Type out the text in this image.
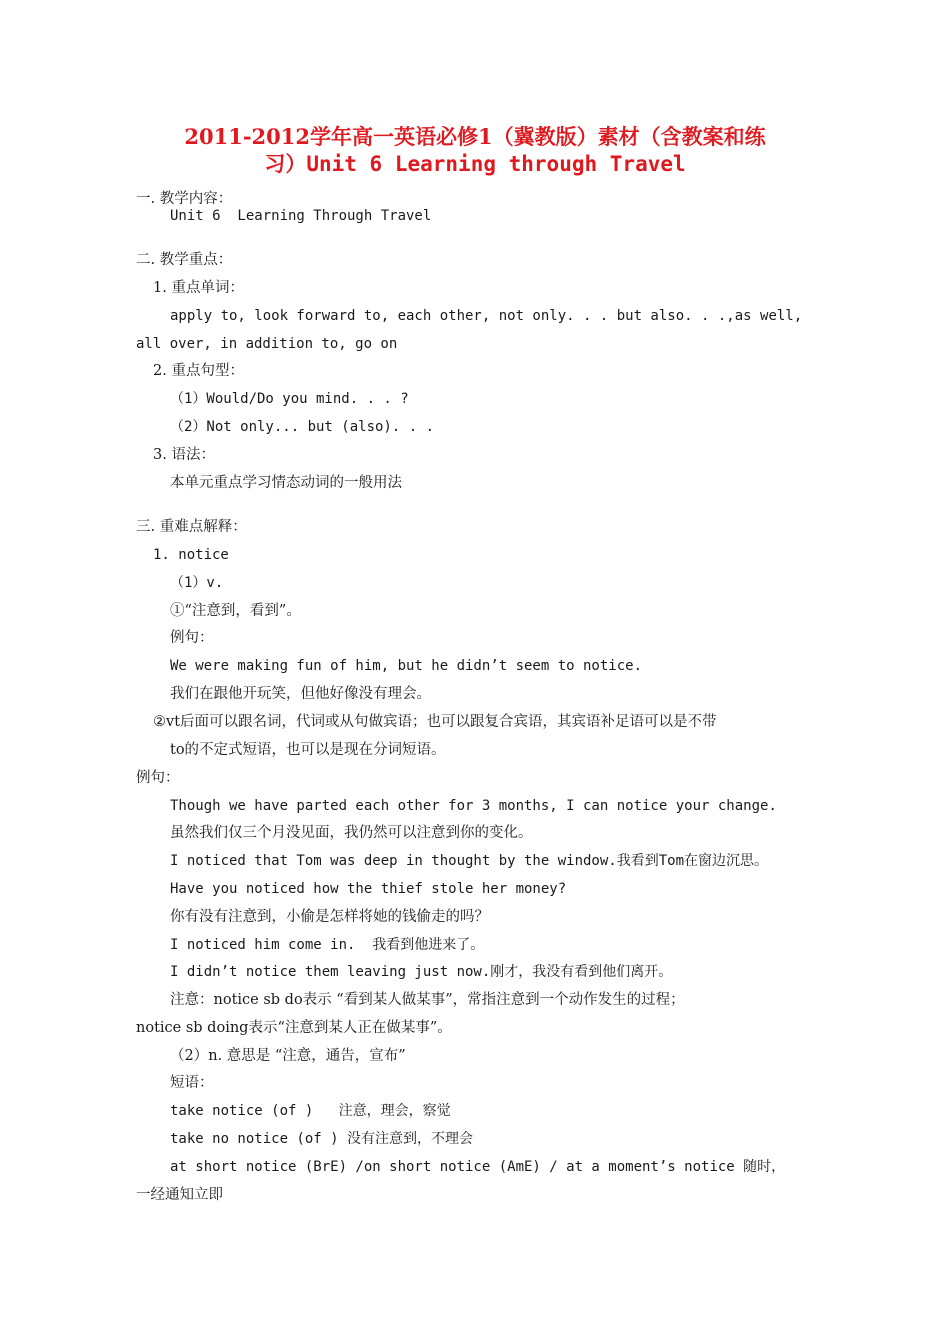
2011-2012学年高一英语必修1（冀教版）素材（含教案和练
习）Unit 6 Learning through Travel
一. 教学内容：
Unit 6  Learning Through Travel
二. 教学重点：
1. 重点单词：
apply to, look forward to, each other, not only. . . but also. . .,as well,
all over, in addition to, go on
2. 重点句型：
（1）Would/Do you mind. . . ?
（2）Not only... but (also). . .
3. 语法：
本单元重点学习情态动词的一般用法
三. 重难点解释：
1. notice
（1）v.
①“注意到，看到”。
例句：
We were making fun of him, but he didn’t seem to notice.
我们在跟他开玩笑，但他好像没有理会。
②vt后面可以跟名词，代词或从句做宾语；也可以跟复合宾语，其宾语补足语可以是不带
to的不定式短语，也可以是现在分词短语。
例句：
Though we have parted each other for 3 months, I can notice your change.
虽然我们仅三个月没见面，我仍然可以注意到你的变化。
I noticed that Tom was deep in thought by the window.我看到Tom在窗边沉思。
Have you noticed how the thief stole her money?
你有没有注意到，小偷是怎样将她的钱偷走的吗？
I noticed him come in.  我看到他进来了。
I didn’t notice them leaving just now.刚才，我没有看到他们离开。
注意：notice sb do表示 “看到某人做某事”，常指注意到一个动作发生的过程；
notice sb doing表示“注意到某人正在做某事”。
（2）n. 意思是 “注意，通告，宣布”
短语：
take notice (of )   注意，理会，察觉
take no notice (of ) 没有注意到，不理会
at short notice (BrE) /on short notice (AmE) / at a moment’s notice 随时，
一经通知立即
